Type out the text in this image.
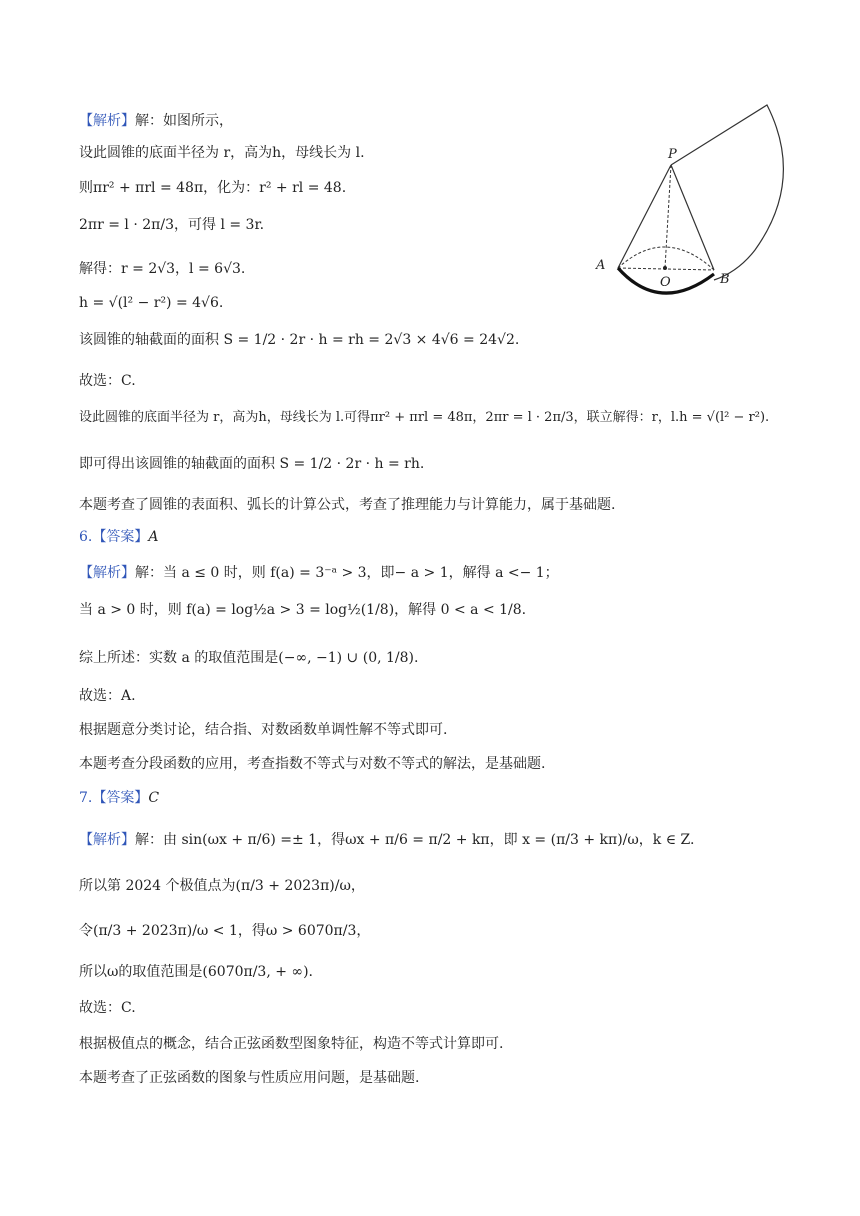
【解析】解：如图所示，
设此圆锥的底面半径为 r，高为h，母线长为 l.
则πr² + πrl = 48π，化为：r² + rl = 48.
2πr = l · 2π/3，可得 l = 3r.
解得：r = 2√3，l = 6√3.
h = √(l² − r²) = 4√6.
该圆锥的轴截面的面积 S = 1/2 · 2r · h = rh = 2√3 × 4√6 = 24√2.
故选：C.
设此圆锥的底面半径为 r，高为h，母线长为 l.可得πr² + πrl = 48π，2πr = l · 2π/3，联立解得：r，l.h = √(l² − r²).
即可得出该圆锥的轴截面的面积 S = 1/2 · 2r · h = rh.
本题考查了圆锥的表面积、弧长的计算公式，考查了推理能力与计算能力，属于基础题.
6.【答案】A
【解析】解：当 a ≤ 0 时，则 f(a) = 3⁻ᵃ > 3，即− a > 1，解得 a <− 1；
当 a > 0 时，则 f(a) = log½a > 3 = log½(1/8)，解得 0 < a < 1/8.
综上所述：实数 a 的取值范围是(−∞, −1) ∪ (0, 1/8).
故选：A.
根据题意分类讨论，结合指、对数函数单调性解不等式即可.
本题考查分段函数的应用，考查指数不等式与对数不等式的解法，是基础题.
7.【答案】C
【解析】解：由 sin(ωx + π/6) =± 1，得ωx + π/6 = π/2 + kπ，即 x = (π/3 + kπ)/ω，k ∈ Z.
所以第 2024 个极值点为(π/3 + 2023π)/ω，
令(π/3 + 2023π)/ω < 1，得ω > 6070π/3，
所以ω的取值范围是(6070π/3, + ∞).
故选：C.
根据极值点的概念，结合正弦函数型图象特征，构造不等式计算即可.
本题考查了正弦函数的图象与性质应用问题，是基础题.
P
A
O	B
